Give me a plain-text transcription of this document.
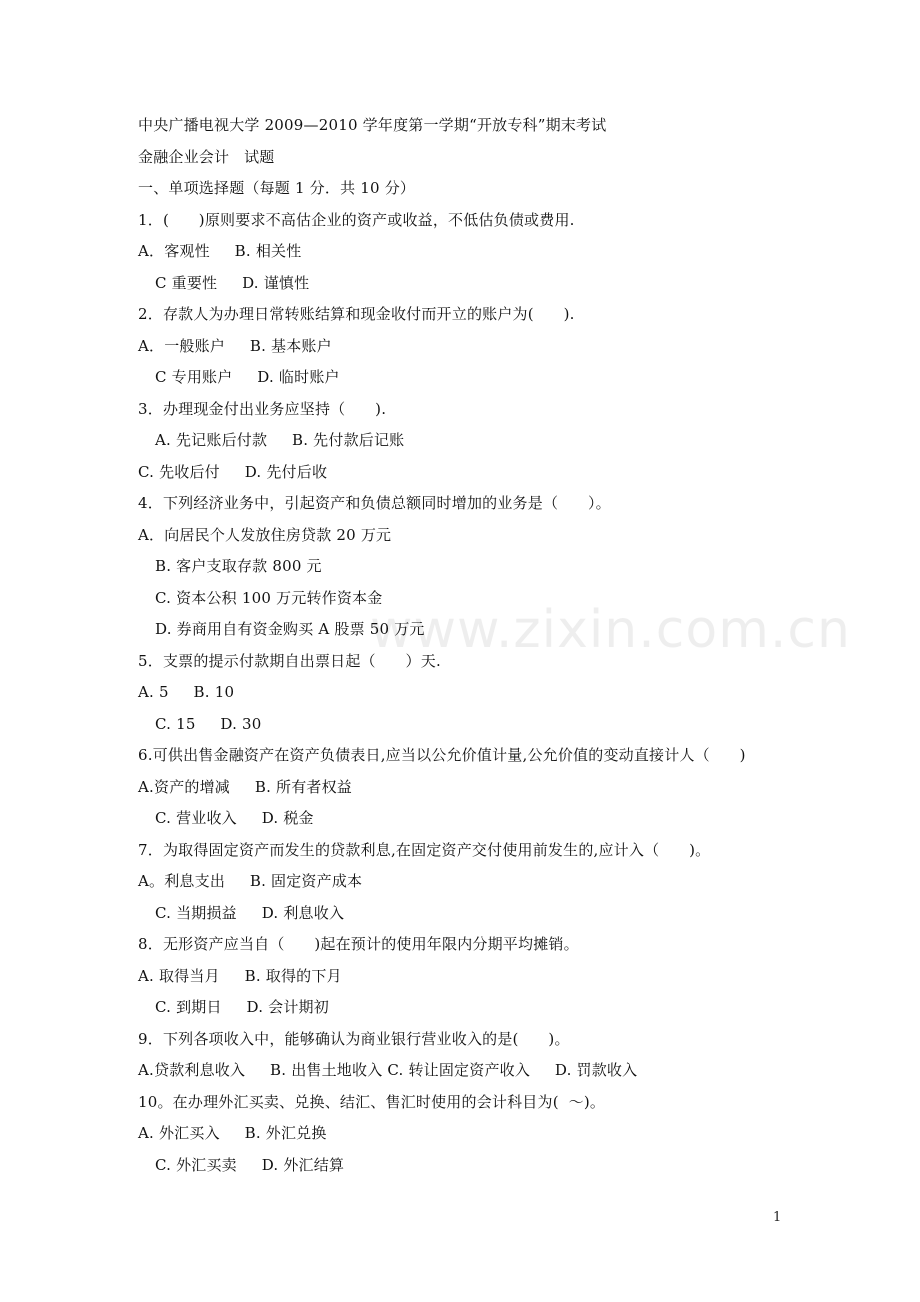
www.zixin.com.cn
中央广播电视大学 2009—2010 学年度第一学期“开放专科”期末考试
金融企业会计   试题
一、单项选择题（每题 1 分．共 10 分）
1．(      )原则要求不高估企业的资产或收益，不低估负债或费用.
A．客观性     B. 相关性
C 重要性     D. 谨慎性
2．存款人为办理日常转账结算和现金收付而开立的账户为(      ).
A．一般账户     B. 基本账户
C 专用账户     D. 临时账户
3．办理现金付出业务应坚持（      ).
A. 先记账后付款     B. 先付款后记账
C. 先收后付     D. 先付后收
4．下列经济业务中，引起资产和负债总额同时增加的业务是（      ）。
A．向居民个人发放住房贷款 20 万元
B. 客户支取存款 800 元
C. 资本公积 100 万元转作资本金
D. 券商用自有资金购买 A 股票 50 万元
5．支票的提示付款期自出票日起（      ）天.
A. 5     B. 10
C. 15     D. 30
6.可供出售金融资产在资产负债表日,应当以公允价值计量,公允价值的变动直接计人（      )
A.资产的增减     B. 所有者权益
C. 营业收入     D. 税金
7．为取得固定资产而发生的贷款利息,在固定资产交付使用前发生的,应计入（      )。
A。利息支出     B. 固定资产成本
C. 当期损益     D. 利息收入
8．无形资产应当自（      )起在预计的使用年限内分期平均摊销。
A. 取得当月     B. 取得的下月
C. 到期日     D. 会计期初
9．下列各项收入中，能够确认为商业银行营业收入的是(      )。
A.贷款利息收入     B. 出售土地收入 C. 转让固定资产收入     D. 罚款收入
10。在办理外汇买卖、兑换、结汇、售汇时使用的会计科目为(  ～)。
A. 外汇买入     B. 外汇兑换
C. 外汇买卖     D. 外汇结算
1
